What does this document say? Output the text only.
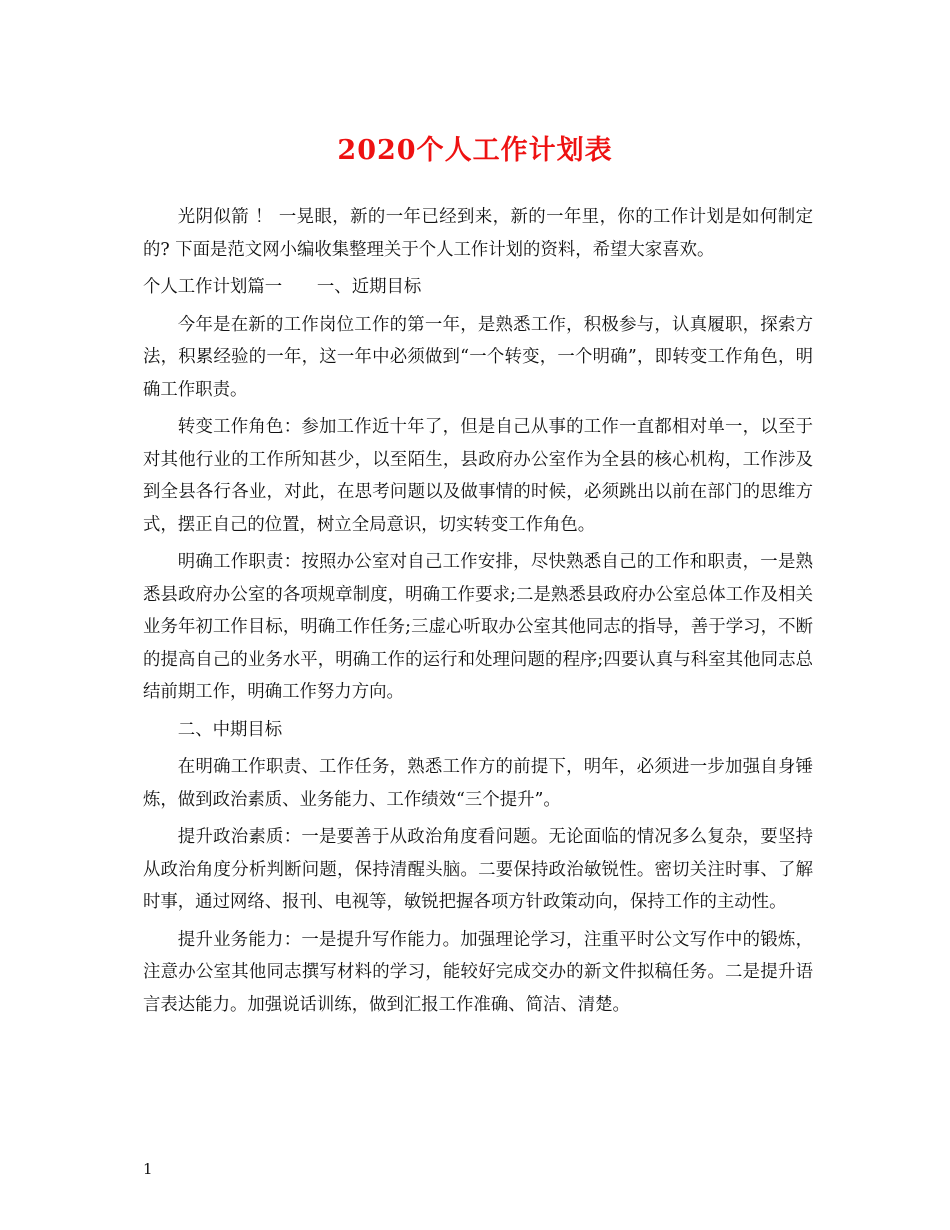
2020个人工作计划表

光阴似箭 ！ 一晃眼，新的一年已经到来，新的一年里，你的工作计划是如何制定的? 下面是范文网小编收集整理关于个人工作计划的资料，希望大家喜欢。

个人工作计划篇一　　一、近期目标

今年是在新的工作岗位工作的第一年，是熟悉工作，积极参与，认真履职，探索方法，积累经验的一年，这一年中必须做到“一个转变，一个明确”，即转变工作角色，明确工作职责。

转变工作角色：参加工作近十年了，但是自己从事的工作一直都相对单一，以至于对其他行业的工作所知甚少，以至陌生，县政府办公室作为全县的核心机构，工作涉及到全县各行各业，对此，在思考问题以及做事情的时候，必须跳出以前在部门的思维方式，摆正自己的位置，树立全局意识，切实转变工作角色。

明确工作职责：按照办公室对自己工作安排，尽快熟悉自己的工作和职责，一是熟悉县政府办公室的各项规章制度，明确工作要求;二是熟悉县政府办公室总体工作及相关业务年初工作目标，明确工作任务;三虚心听取办公室其他同志的指导，善于学习，不断的提高自己的业务水平，明确工作的运行和处理问题的程序;四要认真与科室其他同志总结前期工作，明确工作努力方向。

二、中期目标

在明确工作职责、工作任务，熟悉工作方的前提下，明年，必须进一步加强自身锤炼，做到政治素质、业务能力、工作绩效“三个提升”。

提升政治素质：一是要善于从政治角度看问题。无论面临的情况多么复杂，要坚持从政治角度分析判断问题，保持清醒头脑。二要保持政治敏锐性。密切关注时事、了解时事，通过网络、报刊、电视等，敏锐把握各项方针政策动向，保持工作的主动性。

提升业务能力：一是提升写作能力。加强理论学习，注重平时公文写作中的锻炼，注意办公室其他同志撰写材料的学习，能较好完成交办的新文件拟稿任务。二是提升语言表达能力。加强说话训练，做到汇报工作准确、简洁、清楚。

1
